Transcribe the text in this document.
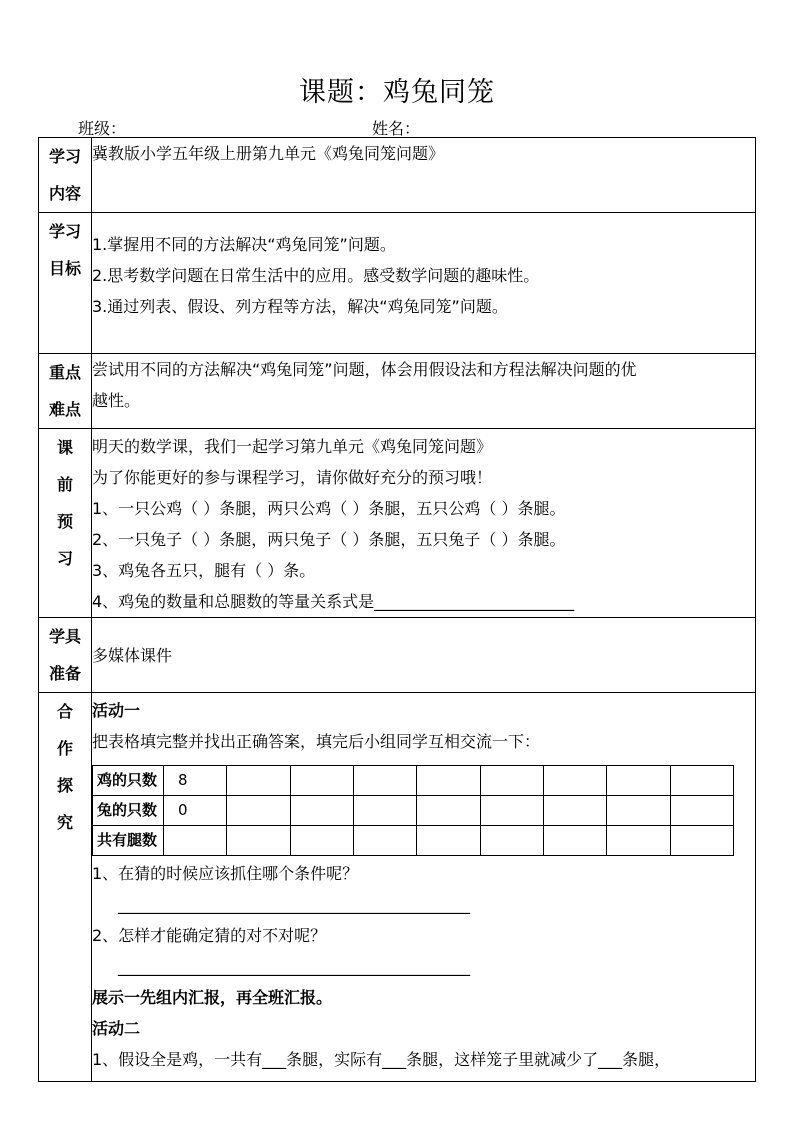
课题：鸡兔同笼
班级：	姓名：
学习
内容

冀教版小学五年级上册第九单元《鸡兔同笼问题》

学习
目标

1.掌握用不同的方法解决“鸡兔同笼”问题。
2.思考数学问题在日常生活中的应用。感受数学问题的趣味性。
3.通过列表、假设、列方程等方法，解决“鸡兔同笼”问题。

重点
难点

尝试用不同的方法解决“鸡兔同笼”问题，体会用假设法和方程法解决问题的优
越性。

课
前
预
习

明天的数学课，我们一起学习第九单元《鸡兔同笼问题》
为了你能更好的参与课程学习，请你做好充分的预习哦！
1、一只公鸡（ ）条腿，两只公鸡（ ）条腿，五只公鸡（ ）条腿。
2、一只兔子（ ）条腿，两只兔子（ ）条腿，五只兔子（ ）条腿。
3、鸡兔各五只，腿有（ ）条。
4、鸡兔的数量和总腿数的等量关系式是_________________________

学具
准备

多媒体课件

合
作
探
究

活动一
把表格填完整并找出正确答案，填完后小组同学互相交流一下：
鸡的只数	8								
兔的只数	0								
共有腿数									
1、在猜的时候应该抓住哪个条件呢？
____________________________________________
2、怎样才能确定猜的对不对呢？
____________________________________________
展示一先组内汇报，再全班汇报。
活动二
1、假设全是鸡，一共有___条腿，实际有___条腿，这样笼子里就减少了___条腿，
